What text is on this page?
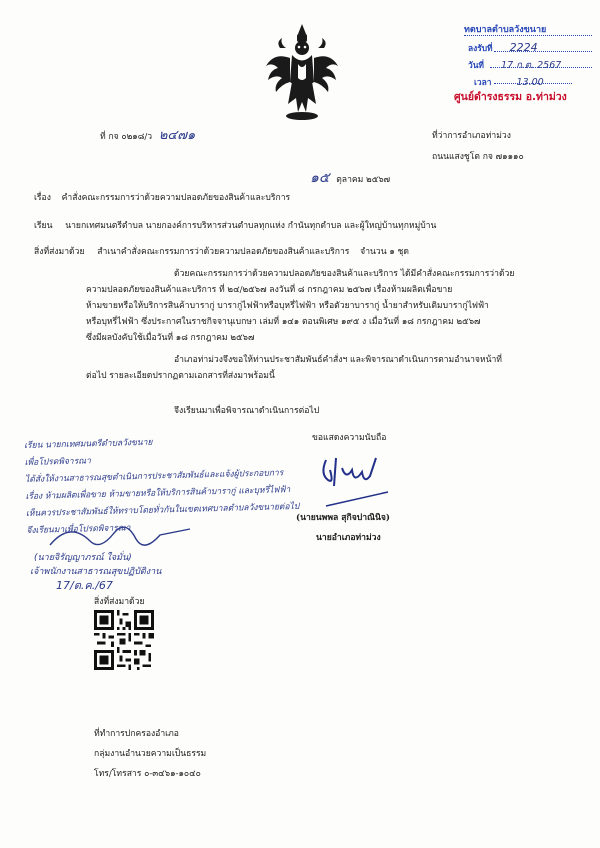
ทตบาลตำบลวังขนาย
ลงรับที่ 2224
วันที่ 17 ก.ต. 2567
เวลา	13.00
ศูนย์ดำรงธรรม อ.ท่าม่วง
ที่ กจ ๐๒๑๘/ว ๒๔๗๑	ที่ว่าการอำเภอท่าม่วง
ถนนแสงชูโต กจ ๗๑๑๑๐
๑๕ ตุลาคม ๒๕๖๗
เรื่อง คำสั่งคณะกรรมการว่าด้วยความปลอดภัยของสินค้าและบริการ
เรียน นายกเทศมนตรีตำบล นายกองค์การบริหารส่วนตำบลทุกแห่ง กำนันทุกตำบล และผู้ใหญ่บ้านทุกหมู่บ้าน
สิ่งที่ส่งมาด้วย สำเนาคำสั่งคณะกรรมการว่าด้วยความปลอดภัยของสินค้าและบริการ จำนวน ๑ ชุด
ด้วยคณะกรรมการว่าด้วยความปลอดภัยของสินค้าและบริการ ได้มีคำสั่งคณะกรรมการว่าด้วย
ความปลอดภัยของสินค้าและบริการ ที่ ๒๔/๒๕๖๗ ลงวันที่ ๘ กรกฎาคม ๒๕๖๗ เรื่องห้ามผลิตเพื่อขาย
ห้ามขายหรือให้บริการสินค้าบารากู่ บารากู่ไฟฟ้าหรือบุหรี่ไฟฟ้า หรือตัวยาบารากู่ น้ำยาสำหรับเติมบารากู่ไฟฟ้า
หรือบุหรี่ไฟฟ้า ซึ่งประกาศในราชกิจจานุเบกษา เล่มที่ ๑๔๑ ตอนพิเศษ ๑๙๕ ง เมื่อวันที่ ๑๘ กรกฎาคม ๒๕๖๗
ซึ่งมีผลบังคับใช้เมื่อวันที่ ๑๘ กรกฎาคม ๒๕๖๗
อำเภอท่าม่วงจึงขอให้ท่านประชาสัมพันธ์คำสั่งฯ และพิจารณาดำเนินการตามอำนาจหน้าที่
ต่อไป รายละเอียดปรากฏตามเอกสารที่ส่งมาพร้อมนี้
จึงเรียนมาเพื่อพิจารณาดำเนินการต่อไป
ขอแสดงความนับถือ
(นายนพพล สุกิจปาณินิจ)
นายอำเภอท่าม่วง
เรียน นายกเทศมนตรีตำบลวังขนาย
เพื่อโปรดพิจารณา
ได้สั่งให้งานสาธารณสุขดำเนินการประชาสัมพันธ์และแจ้งผู้ประกอบการ
เรื่อง ห้ามผลิตเพื่อขาย ห้ามขายหรือให้บริการสินค้าบารากู่ และบุหรี่ไฟฟ้า
เห็นควรประชาสัมพันธ์ให้ทราบโดยทั่วกันในเขตเทศบาลตำบลวังขนายต่อไป
จึงเรียนมาเพื่อโปรดพิจารณา
(นายจิรัญญาภรณ์ ใจมั่น)
เจ้าพนักงานสาธารณสุขปฏิบัติงาน
17/ต.ค./67
สิ่งที่ส่งมาด้วย
ที่ทำการปกครองอำเภอ
กลุ่มงานอำนวยความเป็นธรรม
โทร/โทรสาร ๐-๓๔๖๑-๑๐๔๐
